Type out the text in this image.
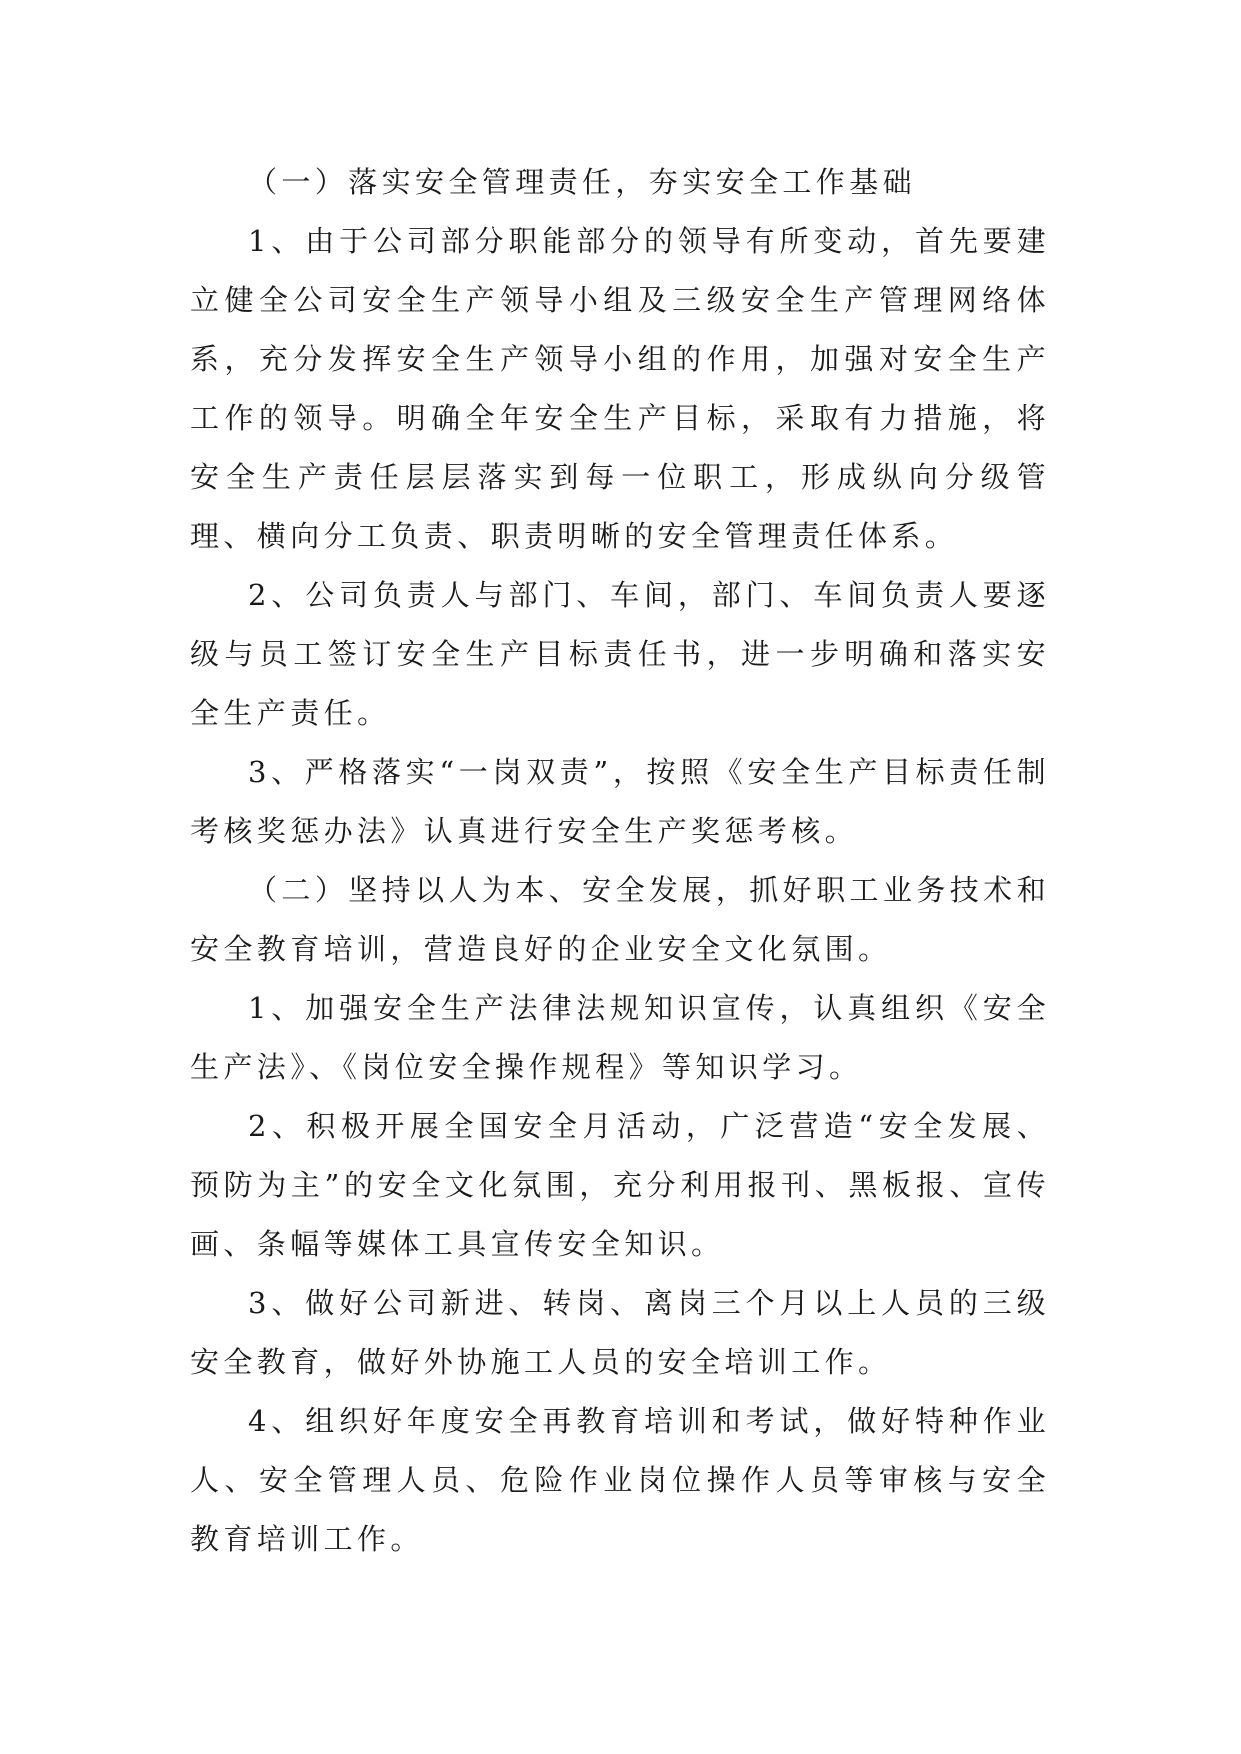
（一）落实安全管理责任，夯实安全工作基础

1、由于公司部分职能部分的领导有所变动，首先要建立健全公司安全生产领导小组及三级安全生产管理网络体系，充分发挥安全生产领导小组的作用，加强对安全生产工作的领导。明确全年安全生产目标，采取有力措施，将安全生产责任层层落实到每一位职工，形成纵向分级管理、横向分工负责、职责明晰的安全管理责任体系。

2、公司负责人与部门、车间，部门、车间负责人要逐级与员工签订安全生产目标责任书，进一步明确和落实安全生产责任。

3、严格落实“一岗双责”，按照《安全生产目标责任制考核奖惩办法》认真进行安全生产奖惩考核。

（二）坚持以人为本、安全发展，抓好职工业务技术和安全教育培训，营造良好的企业安全文化氛围。

1、加强安全生产法律法规知识宣传，认真组织《安全生产法》、《岗位安全操作规程》等知识学习。

2、积极开展全国安全月活动，广泛营造“安全发展、预防为主”的安全文化氛围，充分利用报刊、黑板报、宣传画、条幅等媒体工具宣传安全知识。

3、做好公司新进、转岗、离岗三个月以上人员的三级安全教育，做好外协施工人员的安全培训工作。

4、组织好年度安全再教育培训和考试，做好特种作业人、安全管理人员、危险作业岗位操作人员等审核与安全教育培训工作。
